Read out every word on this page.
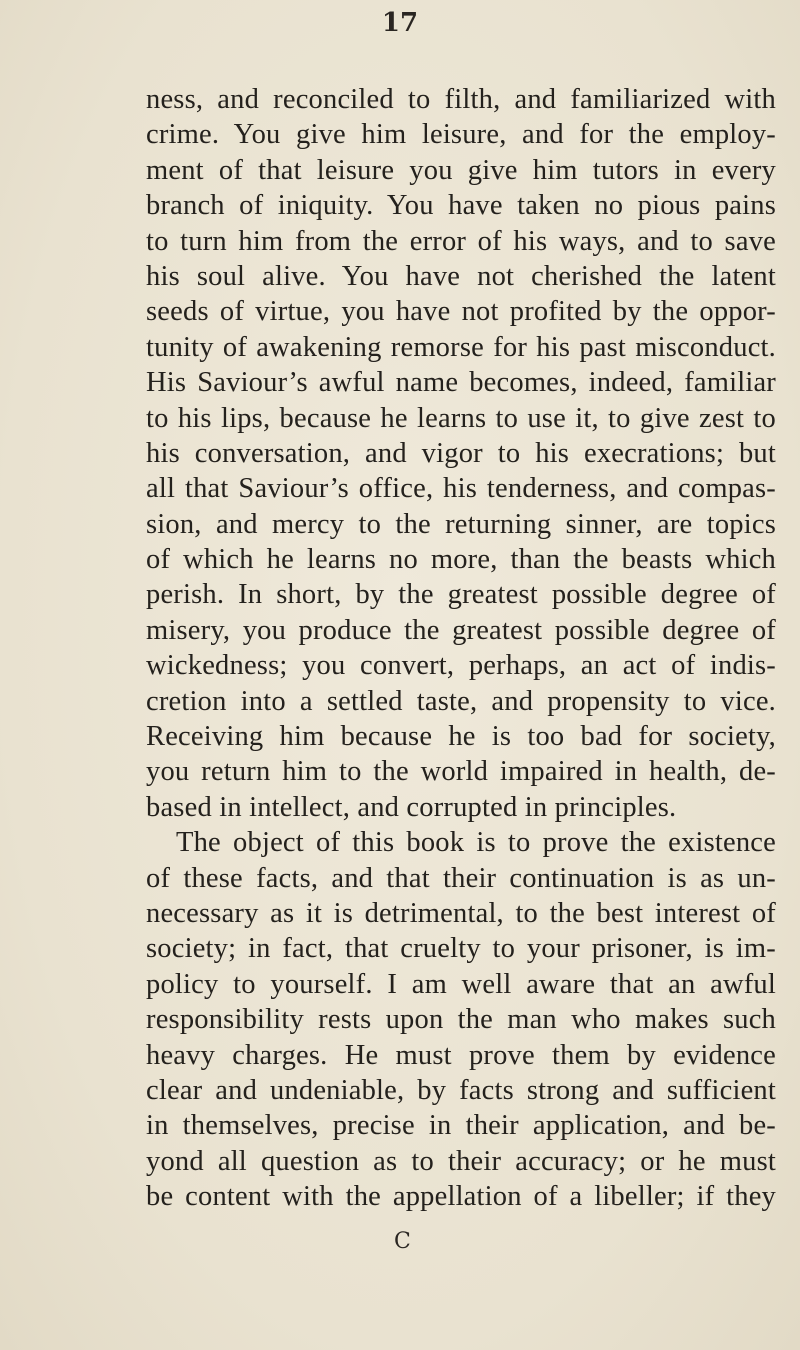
17
ness, and reconciled to filth, and familiarized with
crime. You give him leisure, and for the employ-
ment of that leisure you give him tutors in every
branch of iniquity. You have taken no pious pains
to turn him from the error of his ways, and to save
his soul alive. You have not cherished the latent
seeds of virtue, you have not profited by the oppor-
tunity of awakening remorse for his past misconduct.
His Saviour’s awful name becomes, indeed, familiar
to his lips, because he learns to use it, to give zest to
his conversation, and vigor to his execrations; but
all that Saviour’s office, his tenderness, and compas-
sion, and mercy to the returning sinner, are topics
of which he learns no more, than the beasts which
perish. In short, by the greatest possible degree of
misery, you produce the greatest possible degree of
wickedness; you convert, perhaps, an act of indis-
cretion into a settled taste, and propensity to vice.
Receiving him because he is too bad for society,
you return him to the world impaired in health, de-
based in intellect, and corrupted in principles.
The object of this book is to prove the existence
of these facts, and that their continuation is as un-
necessary as it is detrimental, to the best interest of
society; in fact, that cruelty to your prisoner, is im-
policy to yourself. I am well aware that an awful
responsibility rests upon the man who makes such
heavy charges. He must prove them by evidence
clear and undeniable, by facts strong and sufficient
in themselves, precise in their application, and be-
yond all question as to their accuracy; or he must
be content with the appellation of a libeller; if they
C
